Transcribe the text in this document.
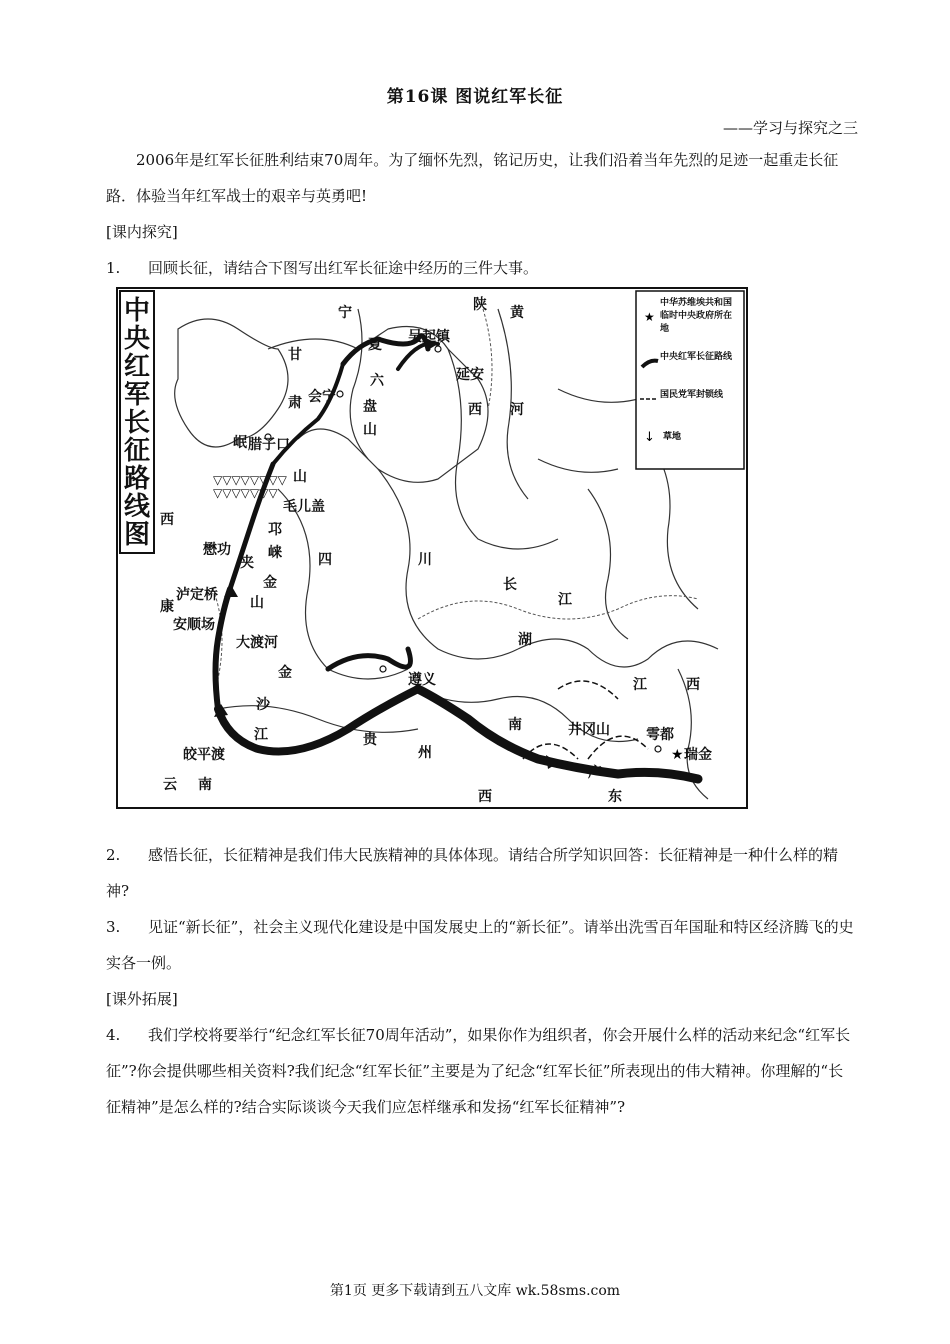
第16课 图说红军长征
——学习与探究之三
2006年是红军长征胜利结束70周年。为了缅怀先烈，铭记历史，让我们沿着当年先烈的足迹一起重走长征路．体验当年红军战士的艰辛与英勇吧!
[课内探究]
1. 回顾长征，请结合下图写出红军长征途中经历的三件大事。
中
央
红
军
长
征
路
线
图
▽▽▽▽▽▽▽▽
▽▽▽▽▽▽▽
★
吴起镇
延安
会宁
六
盘
山
宁
夏
陕
西
黄
河
甘
肃
腊子口
岷
山
毛儿盖
邛
崃
西
康
懋功
夹
金
山
泸定桥
安顺场
大渡河
四	川
长
江
遵义
金
沙
江
皎平渡
云 南
贵
州
湖
南
广
西	东
井冈山
江	西
雩都
瑞金
★
中华苏维埃共和国临时中央政府所在地
中央红军长征路线
国民党军封锁线
↓ 草地
2. 感悟长征，长征精神是我们伟大民族精神的具体体现。请结合所学知识回答：长征精神是一种什么样的精神?
3. 见证“新长征”，社会主义现代化建设是中国发展史上的“新长征”。请举出洗雪百年国耻和特区经济腾飞的史实各一例。
[课外拓展]
4. 我们学校将要举行“纪念红军长征70周年活动”，如果你作为组织者，你会开展什么样的活动来纪念“红军长征”?你会提供哪些相关资料?我们纪念“红军长征”主要是为了纪念“红军长征”所表现出的伟大精神。你理解的“长征精神”是怎么样的?结合实际谈谈今天我们应怎样继承和发扬“红军长征精神”?
第1页 更多下载请到五八文库 wk.58sms.com
